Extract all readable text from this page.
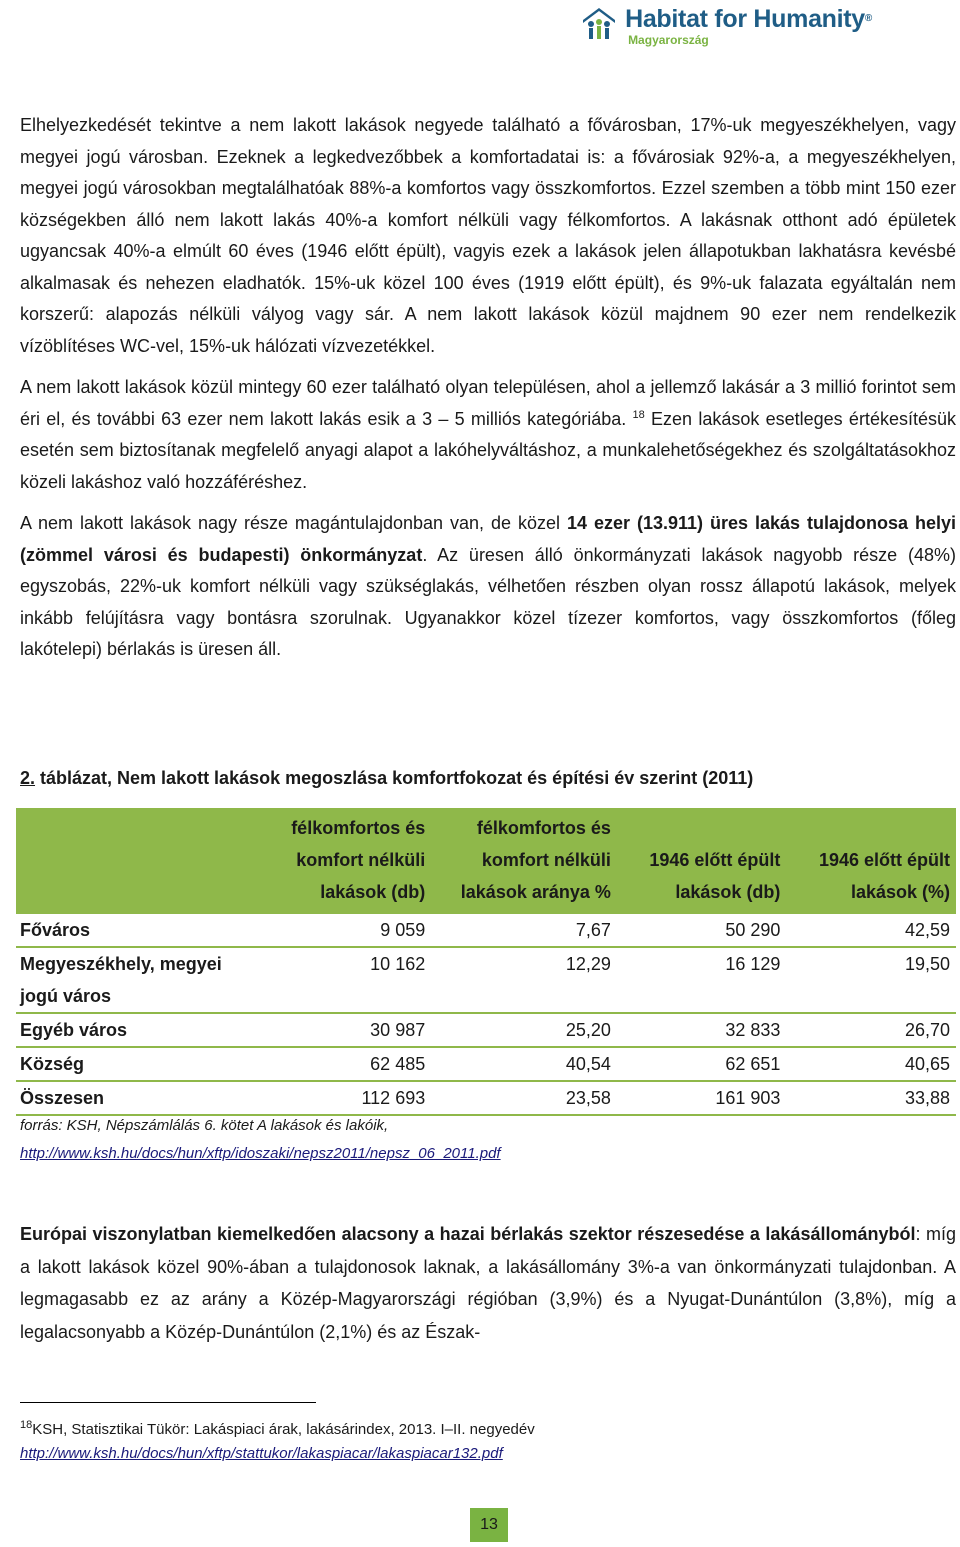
Habitat for Humanity®
Magyarország

Elhelyezkedését tekintve a nem lakott lakások negyede található a fővárosban, 17%-uk megyeszékhelyen, vagy megyei jogú városban. Ezeknek a legkedvezőbbek a komfortadatai is: a fővárosiak 92%-a, a megyeszékhelyen, megyei jogú városokban megtalálhatóak 88%-a komfortos vagy összkomfortos. Ezzel szemben a több mint 150 ezer községekben álló nem lakott lakás 40%-a komfort nélküli vagy félkomfortos. A lakásnak otthont adó épületek ugyancsak 40%-a elmúlt 60 éves (1946 előtt épült), vagyis ezek a lakások jelen állapotukban lakhatásra kevésbé alkalmasak és nehezen eladhatók. 15%-uk közel 100 éves (1919 előtt épült), és 9%-uk falazata egyáltalán nem korszerű: alapozás nélküli vályog vagy sár. A nem lakott lakások közül majdnem 90 ezer nem rendelkezik vízöblítéses WC-vel, 15%-uk hálózati vízvezetékkel.

A nem lakott lakások közül mintegy 60 ezer található olyan településen, ahol a jellemző lakásár a 3 millió forintot sem éri el, és további 63 ezer nem lakott lakás esik a 3 – 5 milliós kategóriába. $^{18}$ Ezen lakások esetleges értékesítésük esetén sem biztosítanak megfelelő anyagi alapot a lakóhelyváltáshoz, a munkalehetőségekhez és szolgáltatásokhoz közeli lakáshoz való hozzáféréshez.

A nem lakott lakások nagy része magántulajdonban van, de közel 14 ezer (13.911) üres lakás tulajdonosa helyi (zömmel városi és budapesti) önkormányzat. Az üresen álló önkormányzati lakások nagyobb része (48%) egyszobás, 22%-uk komfort nélküli vagy szükséglakás, vélhetően részben olyan rossz állapotú lakások, melyek inkább felújításra vagy bontásra szorulnak. Ugyanakkor közel tízezer komfortos, vagy összkomfortos (főleg lakótelepi) bérlakás is üresen áll.

2. táblázat, Nem lakott lakások megoszlása komfortfokozat és építési év szerint (2011)
	félkomfortos és komfort nélküli lakások (db)	félkomfortos és komfort nélküli lakások aránya %	1946 előtt épült lakások (db)	1946 előtt épült lakások (%)
Főváros	9 059	7,67	50 290	42,59
Megyeszékhely, megyei jogú város	10 162	12,29	16 129	19,50
Egyéb város	30 987	25,20	32 833	26,70
Község	62 485	40,54	62 651	40,65
Összesen	112 693	23,58	161 903	33,88
forrás: KSH, Népszámlálás 6. kötet A lakások és lakóik,
http://www.ksh.hu/docs/hun/xftp/idoszaki/nepsz2011/nepsz_06_2011.pdf
Európai viszonylatban kiemelkedően alacsony a hazai bérlakás szektor részesedése a lakásállományból: míg a lakott lakások közel 90%-ában a tulajdonosok laknak, a lakásállomány 3%-a van önkormányzati tulajdonban. A legmagasabb ez az arány a Közép-Magyarországi régióban (3,9%) és a Nyugat-Dunántúlon (3,8%), míg a legalacsonyabb a Közép-Dunántúlon (2,1%) és az Észak-
$^{18}$KSH, Statisztikai Tükör: Lakáspiaci árak, lakásárindex, 2013. I–II. negyedév
http://www.ksh.hu/docs/hun/xftp/stattukor/lakaspiacar/lakaspiacar132.pdf
13
